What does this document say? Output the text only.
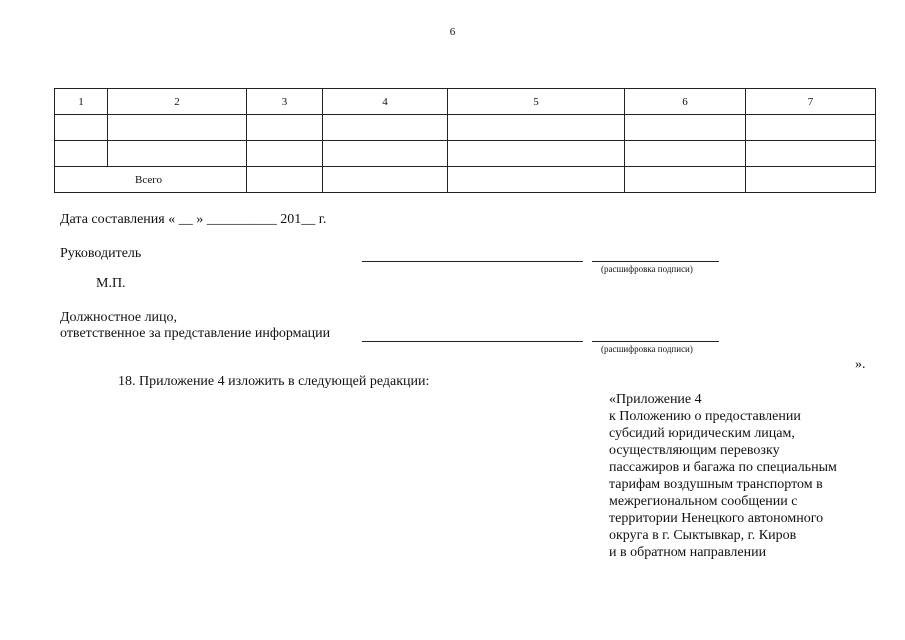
6
1	2	3	4	5	6	7

Всего						
Дата составления « __ » __________ 201__ г.
Руководитель
(расшифровка подписи)
М.П.
Должностное лицо,
ответственное за представление информации
(расшифровка подписи)
».
18. Приложение 4 изложить в следующей редакции:
«Приложение 4
к Положению о предоставлении
субсидий юридическим лицам,
осуществляющим перевозку
пассажиров и багажа по специальным
тарифам воздушным транспортом в
межрегиональном сообщении с
территории Ненецкого автономного
округа в г. Сыктывкар, г. Киров
и в обратном направлении
